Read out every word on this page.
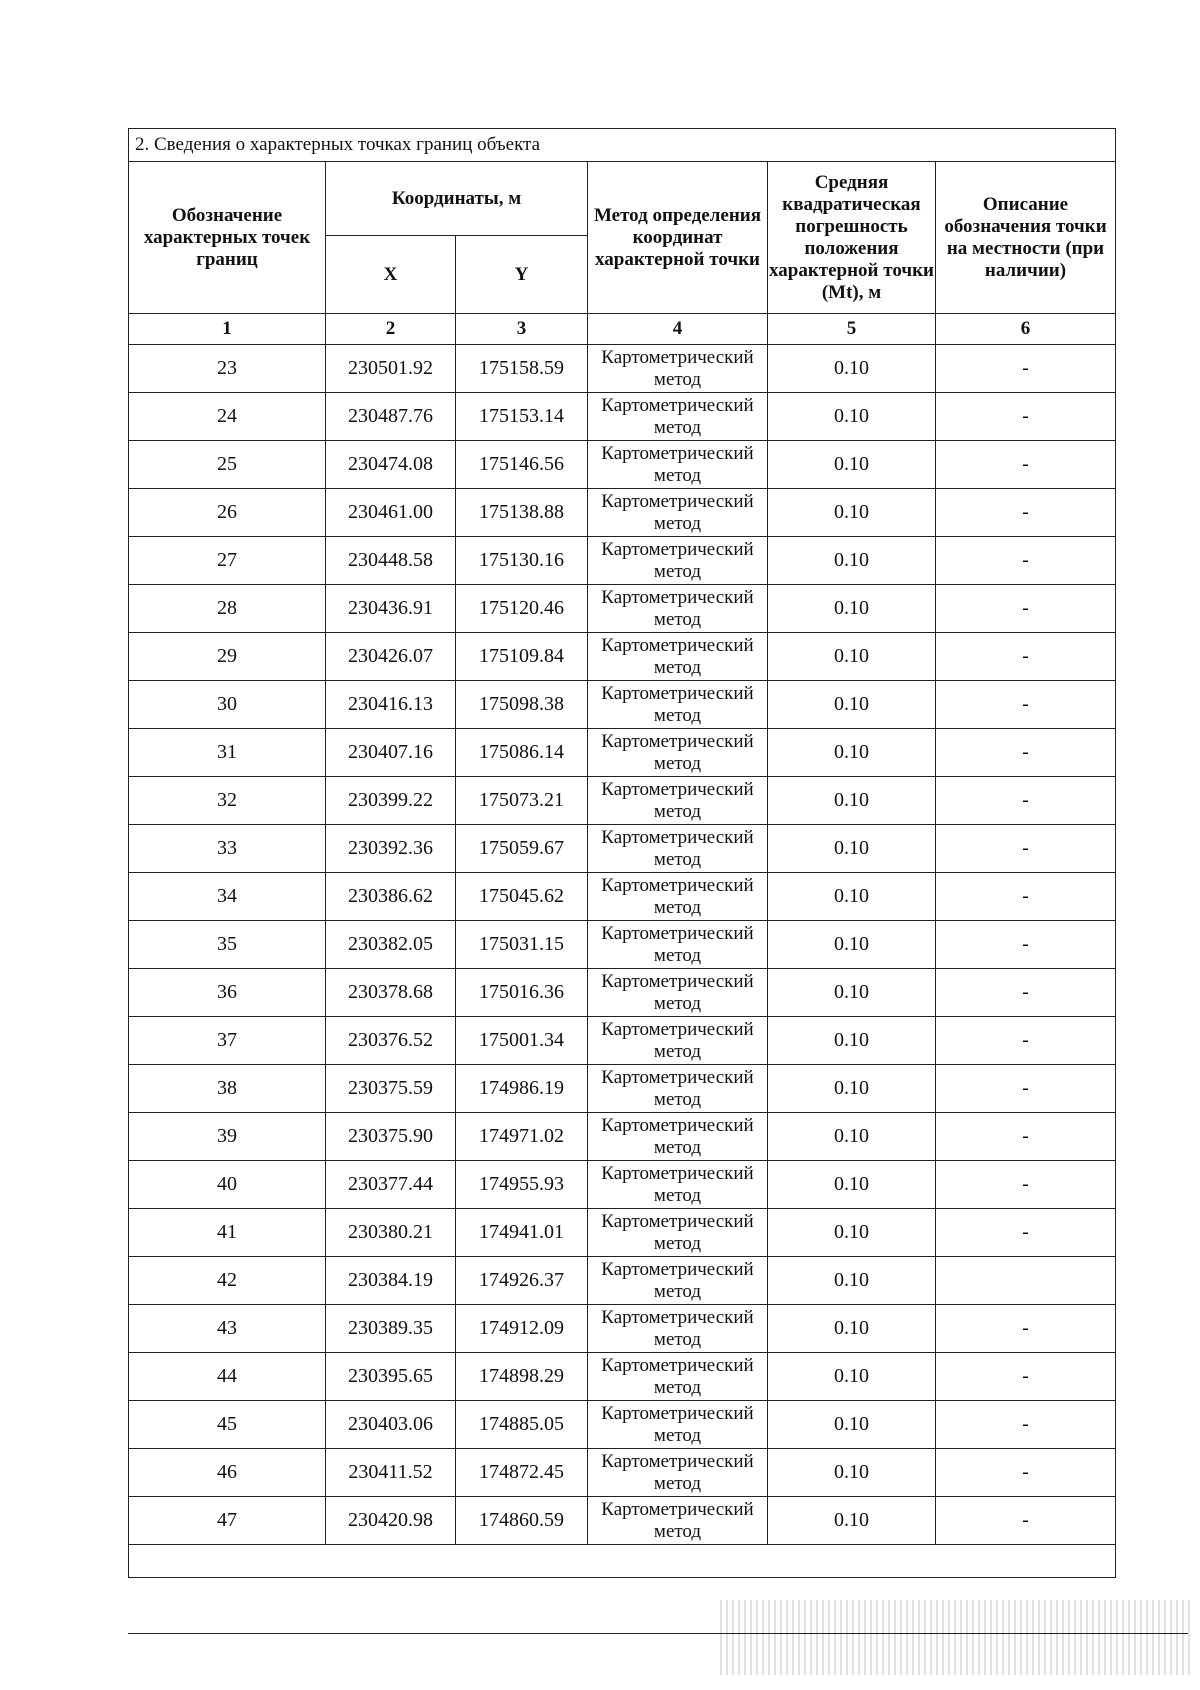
2. Сведения о характерных точках границ объекта					
Обозначение характерных точек границ	Координаты, м		Метод определения координат характерной точки	Средняя квадратическая погрешность положения характерной точки (Mt), м	Описание обозначения точки на местности (при наличии)
	X	Y			
1	2	3	4	5	6
23	230501.92	175158.59	Картометрический метод	0.10	-
24	230487.76	175153.14	Картометрический метод	0.10	-
25	230474.08	175146.56	Картометрический метод	0.10	-
26	230461.00	175138.88	Картометрический метод	0.10	-
27	230448.58	175130.16	Картометрический метод	0.10	-
28	230436.91	175120.46	Картометрический метод	0.10	-
29	230426.07	175109.84	Картометрический метод	0.10	-
30	230416.13	175098.38	Картометрический метод	0.10	-
31	230407.16	175086.14	Картометрический метод	0.10	-
32	230399.22	175073.21	Картометрический метод	0.10	-
33	230392.36	175059.67	Картометрический метод	0.10	-
34	230386.62	175045.62	Картометрический метод	0.10	-
35	230382.05	175031.15	Картометрический метод	0.10	-
36	230378.68	175016.36	Картометрический метод	0.10	-
37	230376.52	175001.34	Картометрический метод	0.10	-
38	230375.59	174986.19	Картометрический метод	0.10	-
39	230375.90	174971.02	Картометрический метод	0.10	-
40	230377.44	174955.93	Картометрический метод	0.10	-
41	230380.21	174941.01	Картометрический метод	0.10	-
42	230384.19	174926.37	Картометрический метод	0.10	
43	230389.35	174912.09	Картометрический метод	0.10	-
44	230395.65	174898.29	Картометрический метод	0.10	-
45	230403.06	174885.05	Картометрический метод	0.10	-
46	230411.52	174872.45	Картометрический метод	0.10	-
47	230420.98	174860.59	Картометрический метод	0.10	-
